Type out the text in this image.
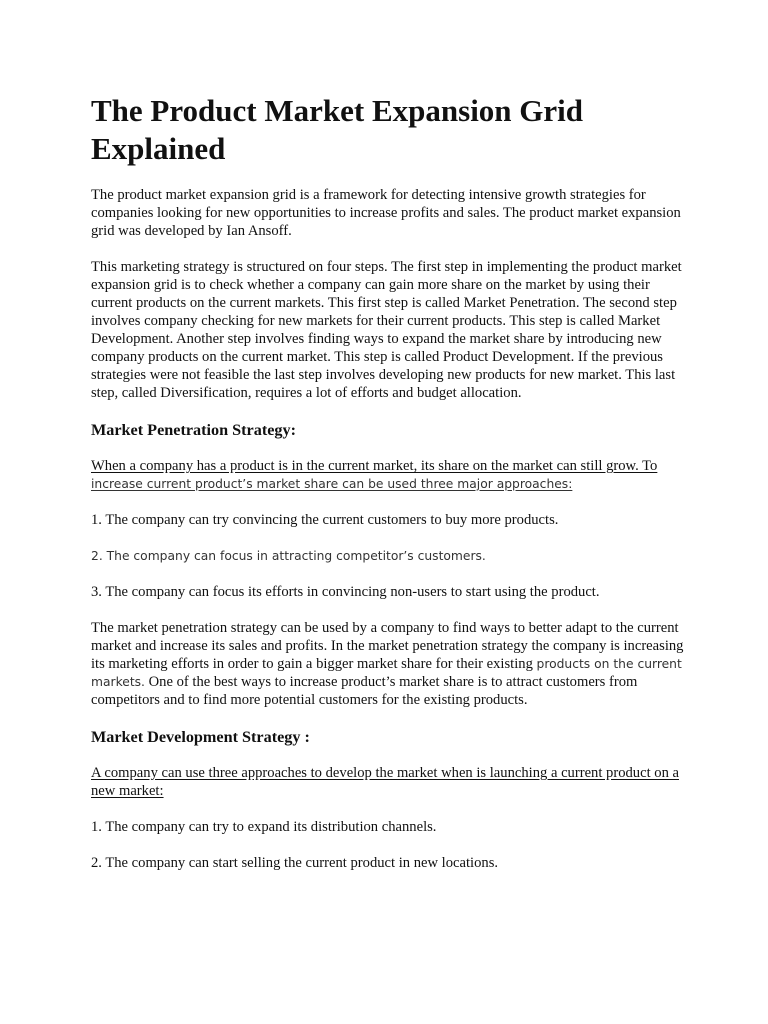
The Product Market Expansion Grid Explained

The product market expansion grid is a framework for detecting intensive growth strategies for companies looking for new opportunities to increase profits and sales. The product market expansion grid was developed by Ian Ansoff.

This marketing strategy is structured on four steps. The first step in implementing the product market expansion grid is to check whether a company can gain more share on the market by using their current products on the current markets. This first step is called Market Penetration. The second step involves company checking for new markets for their current products. This step is called Market Development. Another step involves finding ways to expand the market share by introducing new company products on the current market. This step is called Product Development. If the previous strategies were not feasible the last step involves developing new products for new market. This last step, called Diversification, requires a lot of efforts and budget allocation.

Market Penetration Strategy:

When a company has a product is in the current market, its share on the market can still grow. To
increase current product’s market share can be used three major approaches:

1. The company can try convincing the current customers to buy more products.

2. The company can focus in attracting competitor’s customers.

3. The company can focus its efforts in convincing non-users to start using the product.

The market penetration strategy can be used by a company to find ways to better adapt to the current market and increase its sales and profits. In the market penetration strategy the company is increasing its marketing efforts in order to gain a bigger market share for their existing products on the current markets. One of the best ways to increase product’s market share is to attract customers from competitors and to find more potential customers for the existing products.

Market Development Strategy :

A company can use three approaches to develop the market when is launching a current product on a new market:

1. The company can try to expand its distribution channels.

2. The company can start selling the current product in new locations.
